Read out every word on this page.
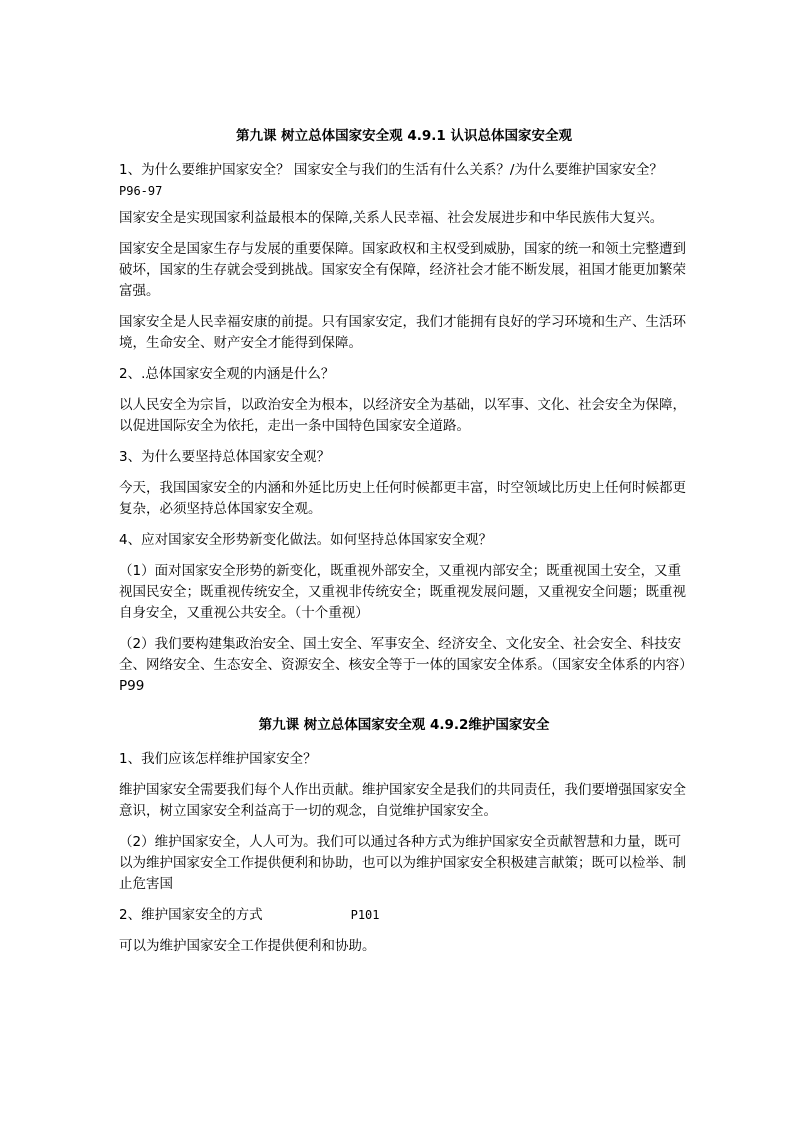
第九课 树立总体国家安全观 4.9.1 认识总体国家安全观
1、为什么要维护国家安全？ 国家安全与我们的生活有什么关系？/为什么要维护国家安全？
P96-97

国家安全是实现国家利益最根本的保障,关系人民幸福、社会发展进步和中华民族伟大复兴。

国家安全是国家生存与发展的重要保障。国家政权和主权受到威胁，国家的统一和领土完整遭到破坏，国家的生存就会受到挑战。国家安全有保障，经济社会才能不断发展，祖国才能更加繁荣富强。

国家安全是人民幸福安康的前提。只有国家安定，我们才能拥有良好的学习环境和生产、生活环境，生命安全、财产安全才能得到保障。

2、.总体国家安全观的内涵是什么？

以人民安全为宗旨，以政治安全为根本，以经济安全为基础，以军事、文化、社会安全为保障，以促进国际安全为依托，走出一条中国特色国家安全道路。

3、为什么要坚持总体国家安全观？

今天，我国国家安全的内涵和外延比历史上任何时候都更丰富，时空领域比历史上任何时候都更复杂，必须坚持总体国家安全观。

4、应对国家安全形势新变化做法。如何坚持总体国家安全观？

（1）面对国家安全形势的新变化，既重视外部安全，又重视内部安全；既重视国土安全，又重视国民安全；既重视传统安全，又重视非传统安全；既重视发展问题，又重视安全问题；既重视自身安全，又重视公共安全。（十个重视）

（2）我们要构建集政治安全、国土安全、军事安全、经济安全、文化安全、社会安全、科技安全、网络安全、生态安全、资源安全、核安全等于一体的国家安全体系。（国家安全体系的内容）P99

第九课 树立总体国家安全观 4.9.2维护国家安全

1、我们应该怎样维护国家安全？

维护国家安全需要我们每个人作出贡献。维护国家安全是我们的共同责任，我们要增强国家安全意识，树立国家安全利益高于一切的观念，自觉维护国家安全。

（2）维护国家安全，人人可为。我们可以通过各种方式为维护国家安全贡献智慧和力量，既可以为维护国家安全工作提供便利和协助，也可以为维护国家安全积极建言献策；既可以检举、制止危害国

2、维护国家安全的方式	P101

可以为维护国家安全工作提供便利和协助。
